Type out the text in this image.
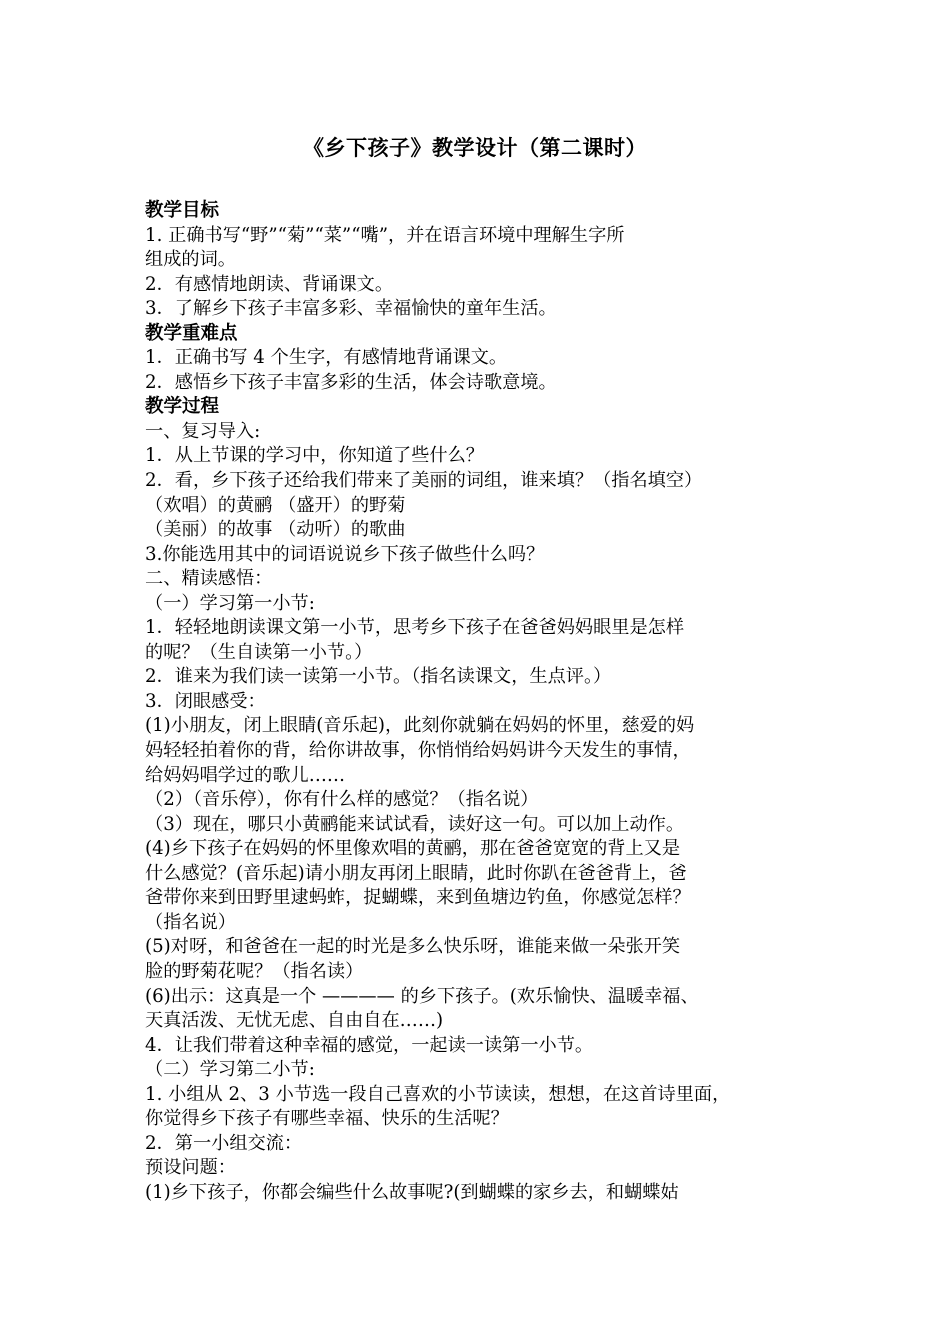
《乡下孩子》教学设计（第二课时）
教学目标
1. 正确书写“野”“菊”“菜”“嘴”，并在语言环境中理解生字所
组成的词。
2．有感情地朗读、背诵课文。
3．了解乡下孩子丰富多彩、幸福愉快的童年生活。
教学重难点
1．正确书写 4 个生字，有感情地背诵课文。
2．感悟乡下孩子丰富多彩的生活，体会诗歌意境。
教学过程
一、复习导入:
1．从上节课的学习中，你知道了些什么？
2．看，乡下孩子还给我们带来了美丽的词组，谁来填？（指名填空）
（欢唱）的黄鹂 （盛开）的野菊
（美丽）的故事 （动听）的歌曲
3.你能选用其中的词语说说乡下孩子做些什么吗？
二、精读感悟：
（一）学习第一小节:
1．轻轻地朗读课文第一小节，思考乡下孩子在爸爸妈妈眼里是怎样
的呢？（生自读第一小节。）
2．谁来为我们读一读第一小节。（指名读课文，生点评。）
3．闭眼感受：
(1)小朋友，闭上眼睛(音乐起)，此刻你就躺在妈妈的怀里，慈爱的妈
妈轻轻拍着你的背，给你讲故事，你悄悄给妈妈讲今天发生的事情，
给妈妈唱学过的歌儿……
（2）（音乐停），你有什么样的感觉？（指名说）
（3）现在，哪只小黄鹂能来试试看，读好这一句。可以加上动作。
(4)乡下孩子在妈妈的怀里像欢唱的黄鹂，那在爸爸宽宽的背上又是
什么感觉？(音乐起)请小朋友再闭上眼睛，此时你趴在爸爸背上，爸
爸带你来到田野里逮蚂蚱，捉蝴蝶，来到鱼塘边钓鱼，你感觉怎样？
（指名说）
(5)对呀，和爸爸在一起的时光是多么快乐呀，谁能来做一朵张开笑
脸的野菊花呢？（指名读）
(6)出示：这真是一个 ———— 的乡下孩子。(欢乐愉快、温暖幸福、
天真活泼、无忧无虑、自由自在……)
4．让我们带着这种幸福的感觉，一起读一读第一小节。
（二）学习第二小节:
1. 小组从 2、3 小节选一段自己喜欢的小节读读，想想，在这首诗里面，
你觉得乡下孩子有哪些幸福、快乐的生活呢？
2．第一小组交流：
预设问题：
(1)乡下孩子，你都会编些什么故事呢?(到蝴蝶的家乡去，和蝴蝶姑
